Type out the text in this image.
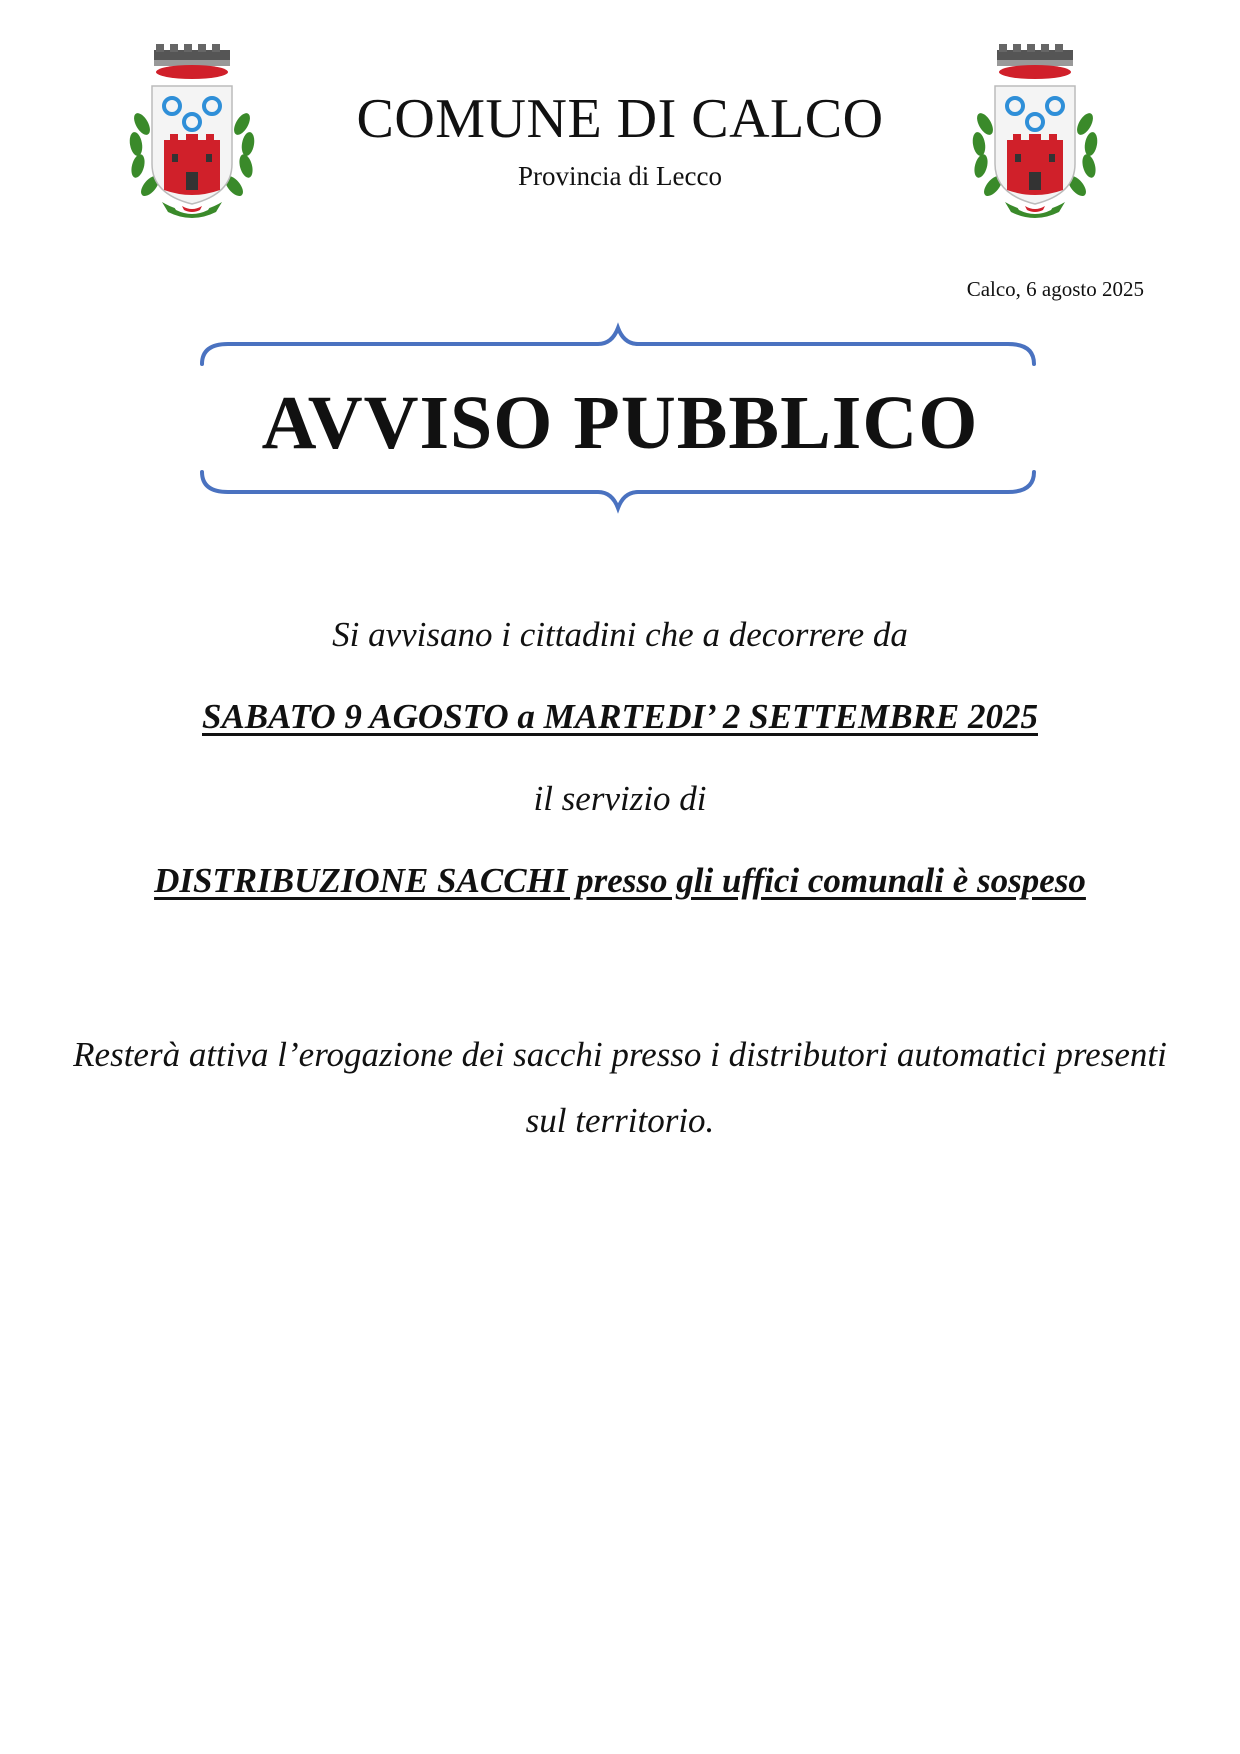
COMUNE DI CALCO
Provincia di Lecco
Calco, 6 agosto 2025
AVVISO PUBBLICO
Si avvisano i cittadini che a decorrere da
SABATO 9 AGOSTO a MARTEDI’ 2 SETTEMBRE 2025
il servizio di
DISTRIBUZIONE SACCHI presso gli uffici comunali è sospeso
Resterà attiva l’erogazione dei sacchi presso i distributori automatici presenti sul territorio.
